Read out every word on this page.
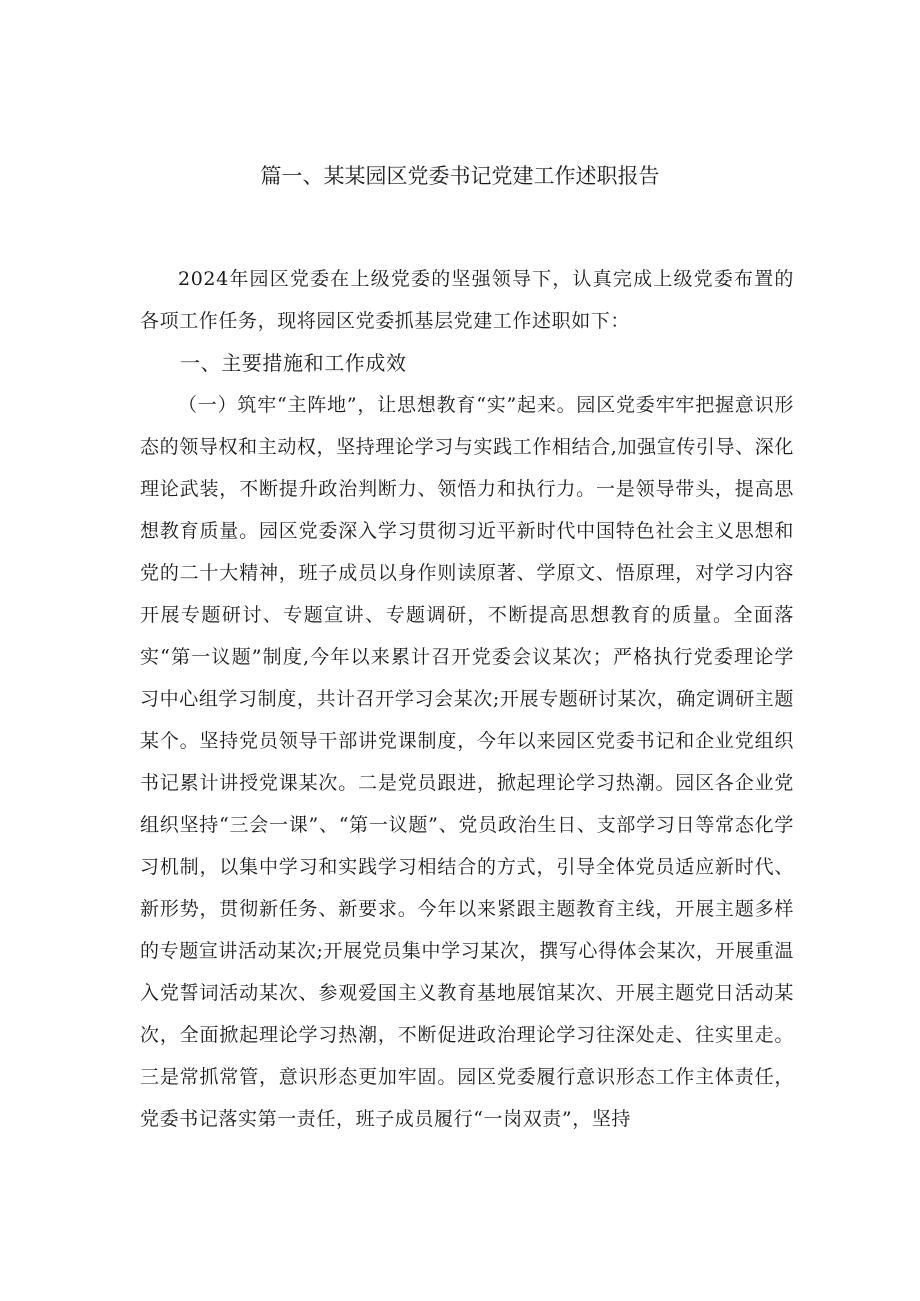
篇一、某某园区党委书记党建工作述职报告

2024年园区党委在上级党委的坚强领导下，认真完成上级党委布置的各项工作任务，现将园区党委抓基层党建工作述职如下：

一、主要措施和工作成效

（一）筑牢“主阵地”，让思想教育“实”起来。园区党委牢牢把握意识形态的领导权和主动权，坚持理论学习与实践工作相结合,加强宣传引导、深化理论武装，不断提升政治判断力、领悟力和执行力。一是领导带头，提高思想教育质量。园区党委深入学习贯彻习近平新时代中国特色社会主义思想和党的二十大精神，班子成员以身作则读原著、学原文、悟原理，对学习内容开展专题研讨、专题宣讲、专题调研，不断提高思想教育的质量。全面落实“第一议题”制度,今年以来累计召开党委会议某次；严格执行党委理论学习中心组学习制度，共计召开学习会某次;开展专题研讨某次，确定调研主题某个。坚持党员领导干部讲党课制度，今年以来园区党委书记和企业党组织书记累计讲授党课某次。二是党员跟进，掀起理论学习热潮。园区各企业党组织坚持“三会一课”、“第一议题”、党员政治生日、支部学习日等常态化学习机制，以集中学习和实践学习相结合的方式，引导全体党员适应新时代、新形势，贯彻新任务、新要求。今年以来紧跟主题教育主线，开展主题多样的专题宣讲活动某次;开展党员集中学习某次，撰写心得体会某次，开展重温入党誓词活动某次、参观爱国主义教育基地展馆某次、开展主题党日活动某次，全面掀起理论学习热潮，不断促进政治理论学习往深处走、往实里走。三是常抓常管，意识形态更加牢固。园区党委履行意识形态工作主体责任，党委书记落实第一责任，班子成员履行“一岗双责”，坚持
